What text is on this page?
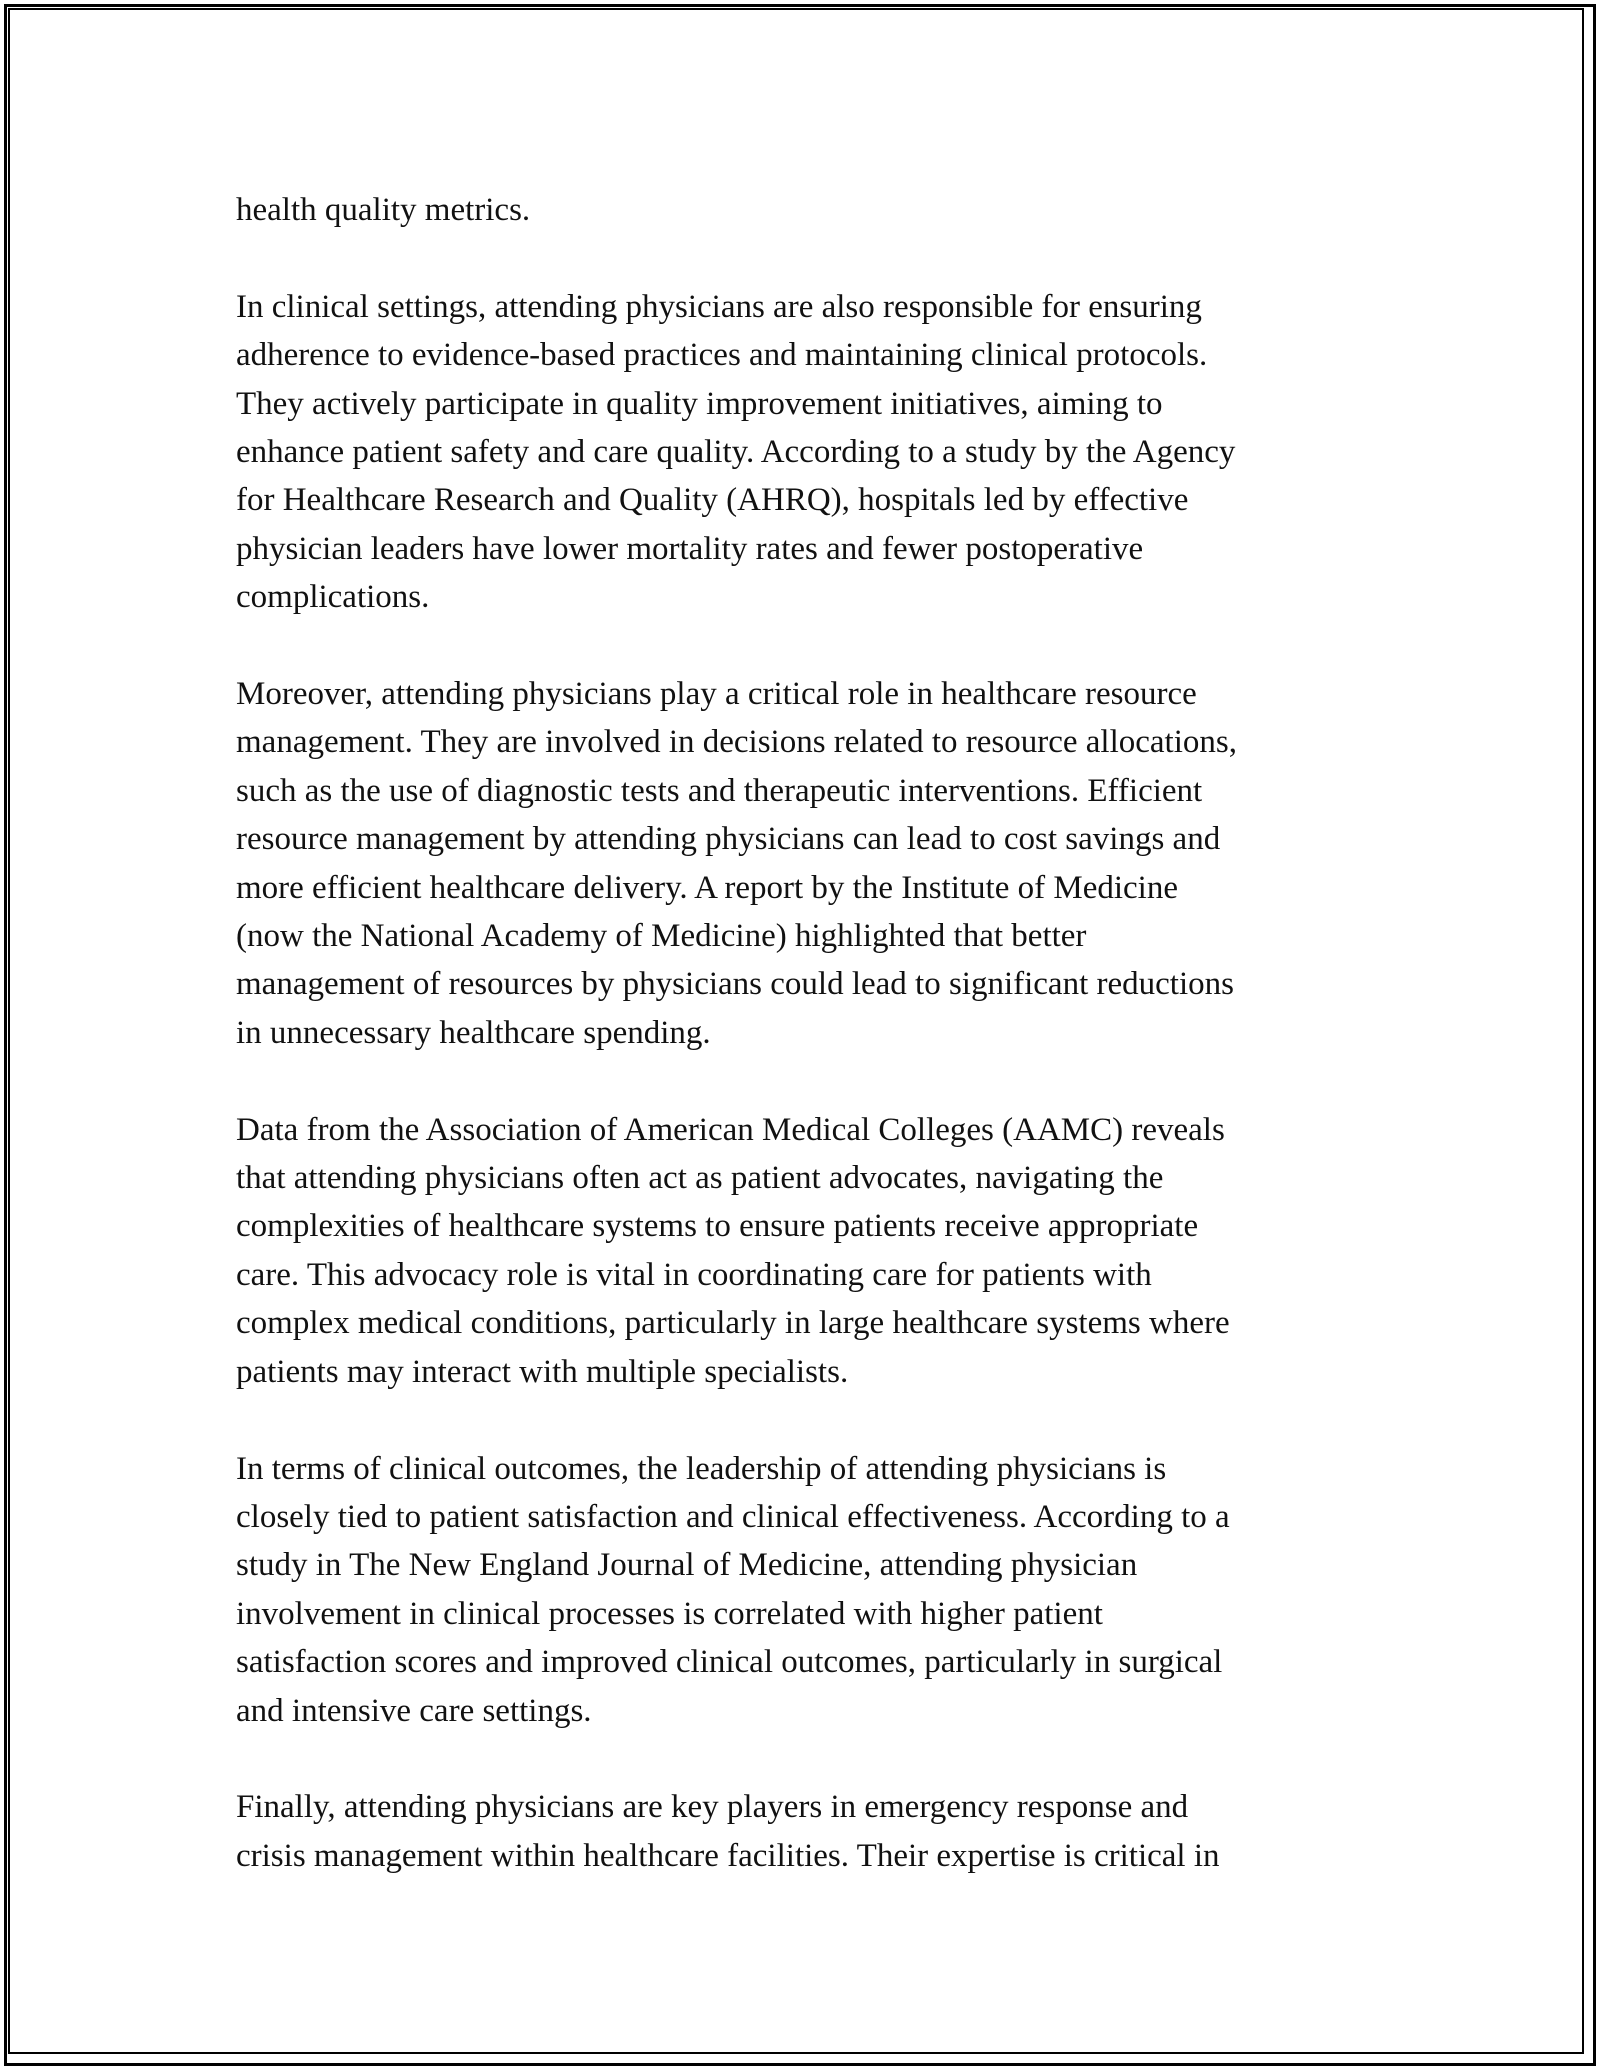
health quality metrics.

In clinical settings, attending physicians are also responsible for ensuring
adherence to evidence-based practices and maintaining clinical protocols.
They actively participate in quality improvement initiatives, aiming to
enhance patient safety and care quality. According to a study by the Agency
for Healthcare Research and Quality (AHRQ), hospitals led by effective
physician leaders have lower mortality rates and fewer postoperative
complications.

Moreover, attending physicians play a critical role in healthcare resource
management. They are involved in decisions related to resource allocations,
such as the use of diagnostic tests and therapeutic interventions. Efficient
resource management by attending physicians can lead to cost savings and
more efficient healthcare delivery. A report by the Institute of Medicine
(now the National Academy of Medicine) highlighted that better
management of resources by physicians could lead to significant reductions
in unnecessary healthcare spending.

Data from the Association of American Medical Colleges (AAMC) reveals
that attending physicians often act as patient advocates, navigating the
complexities of healthcare systems to ensure patients receive appropriate
care. This advocacy role is vital in coordinating care for patients with
complex medical conditions, particularly in large healthcare systems where
patients may interact with multiple specialists.

In terms of clinical outcomes, the leadership of attending physicians is
closely tied to patient satisfaction and clinical effectiveness. According to a
study in The New England Journal of Medicine, attending physician
involvement in clinical processes is correlated with higher patient
satisfaction scores and improved clinical outcomes, particularly in surgical
and intensive care settings.

Finally, attending physicians are key players in emergency response and
crisis management within healthcare facilities. Their expertise is critical in
